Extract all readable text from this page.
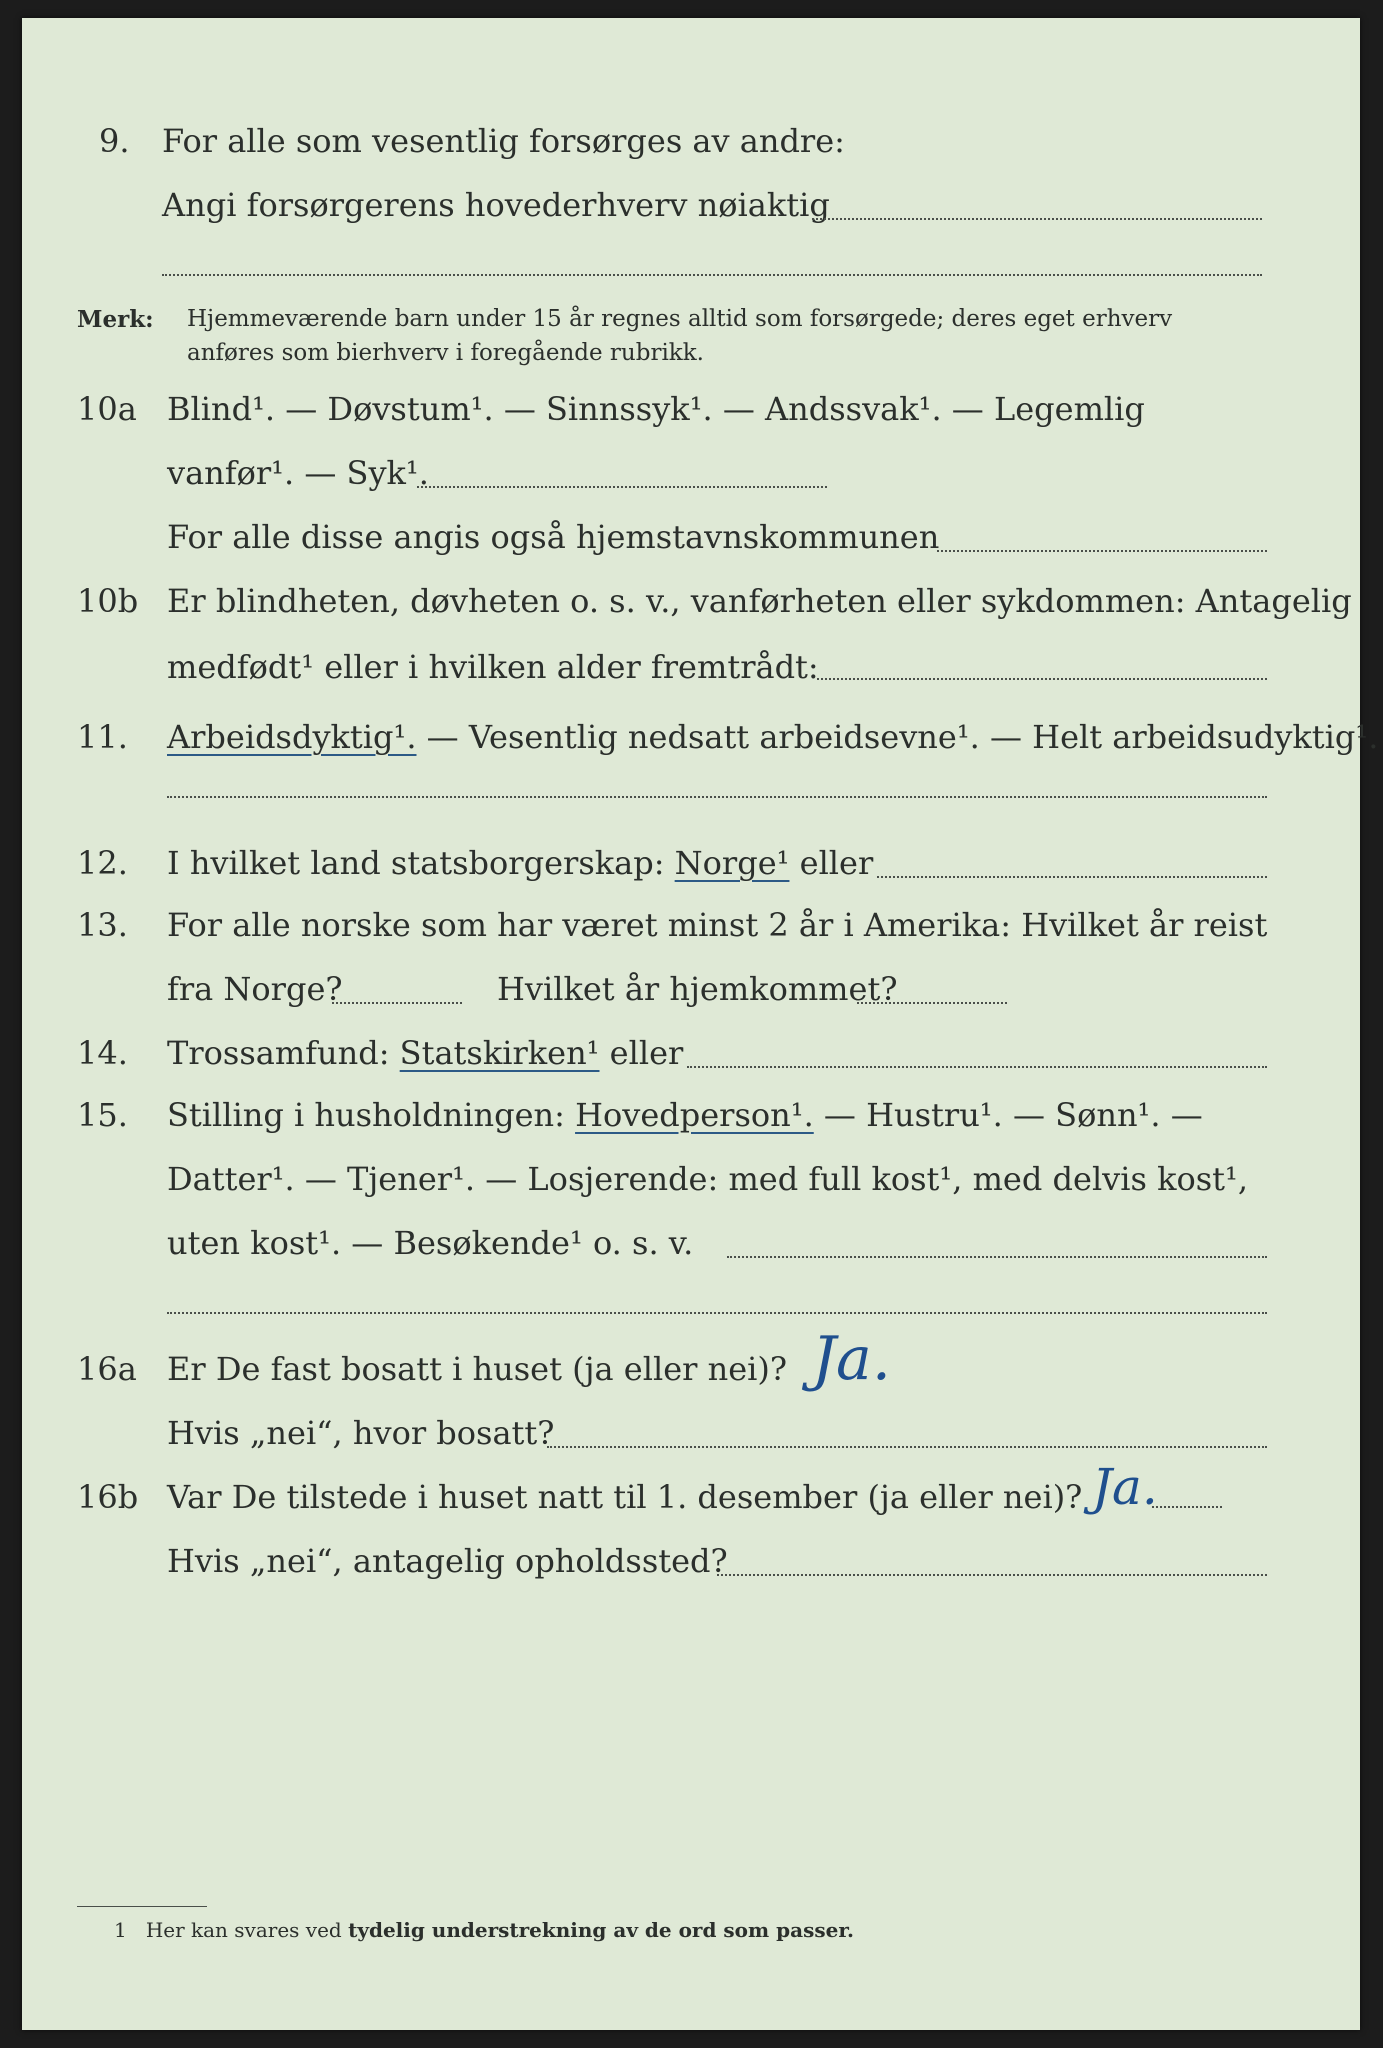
9. For alle som vesentlig forsørges av andre:
Angi forsørgerens hovederhverv nøiaktig
Merk: Hjemmeværende barn under 15 år regnes alltid som forsørgede; deres eget erhverv
anføres som bierhverv i foregående rubrikk.
10a Blind¹. — Døvstum¹. — Sinnssyk¹. — Andssvak¹. — Legemlig
vanfør¹. — Syk¹.
For alle disse angis også hjemstavnskommunen
10b Er blindheten, døvheten o. s. v., vanførheten eller sykdommen: Antagelig
medfødt¹ eller i hvilken alder fremtrådt:
11. Arbeidsdyktig¹. — Vesentlig nedsatt arbeidsevne¹. — Helt arbeidsudyktig¹.
12. I hvilket land statsborgerskap: Norge¹ eller
13. For alle norske som har været minst 2 år i Amerika: Hvilket år reist
fra Norge?	Hvilket år hjemkommet?
14. Trossamfund: Statskirken¹ eller
15. Stilling i husholdningen: Hovedperson¹. — Hustru¹. — Sønn¹. —
Datter¹. — Tjener¹. — Losjerende: med full kost¹, med delvis kost¹,
uten kost¹. — Besøkende¹ o. s. v.
16a Er De fast bosatt i huset (ja eller nei)? Ja.
Hvis „nei“, hvor bosatt?
16b Var De tilstede i huset natt til 1. desember (ja eller nei)? Ja.
Hvis „nei“, antagelig opholdssted?
1 Her kan svares ved tydelig understrekning av de ord som passer.
